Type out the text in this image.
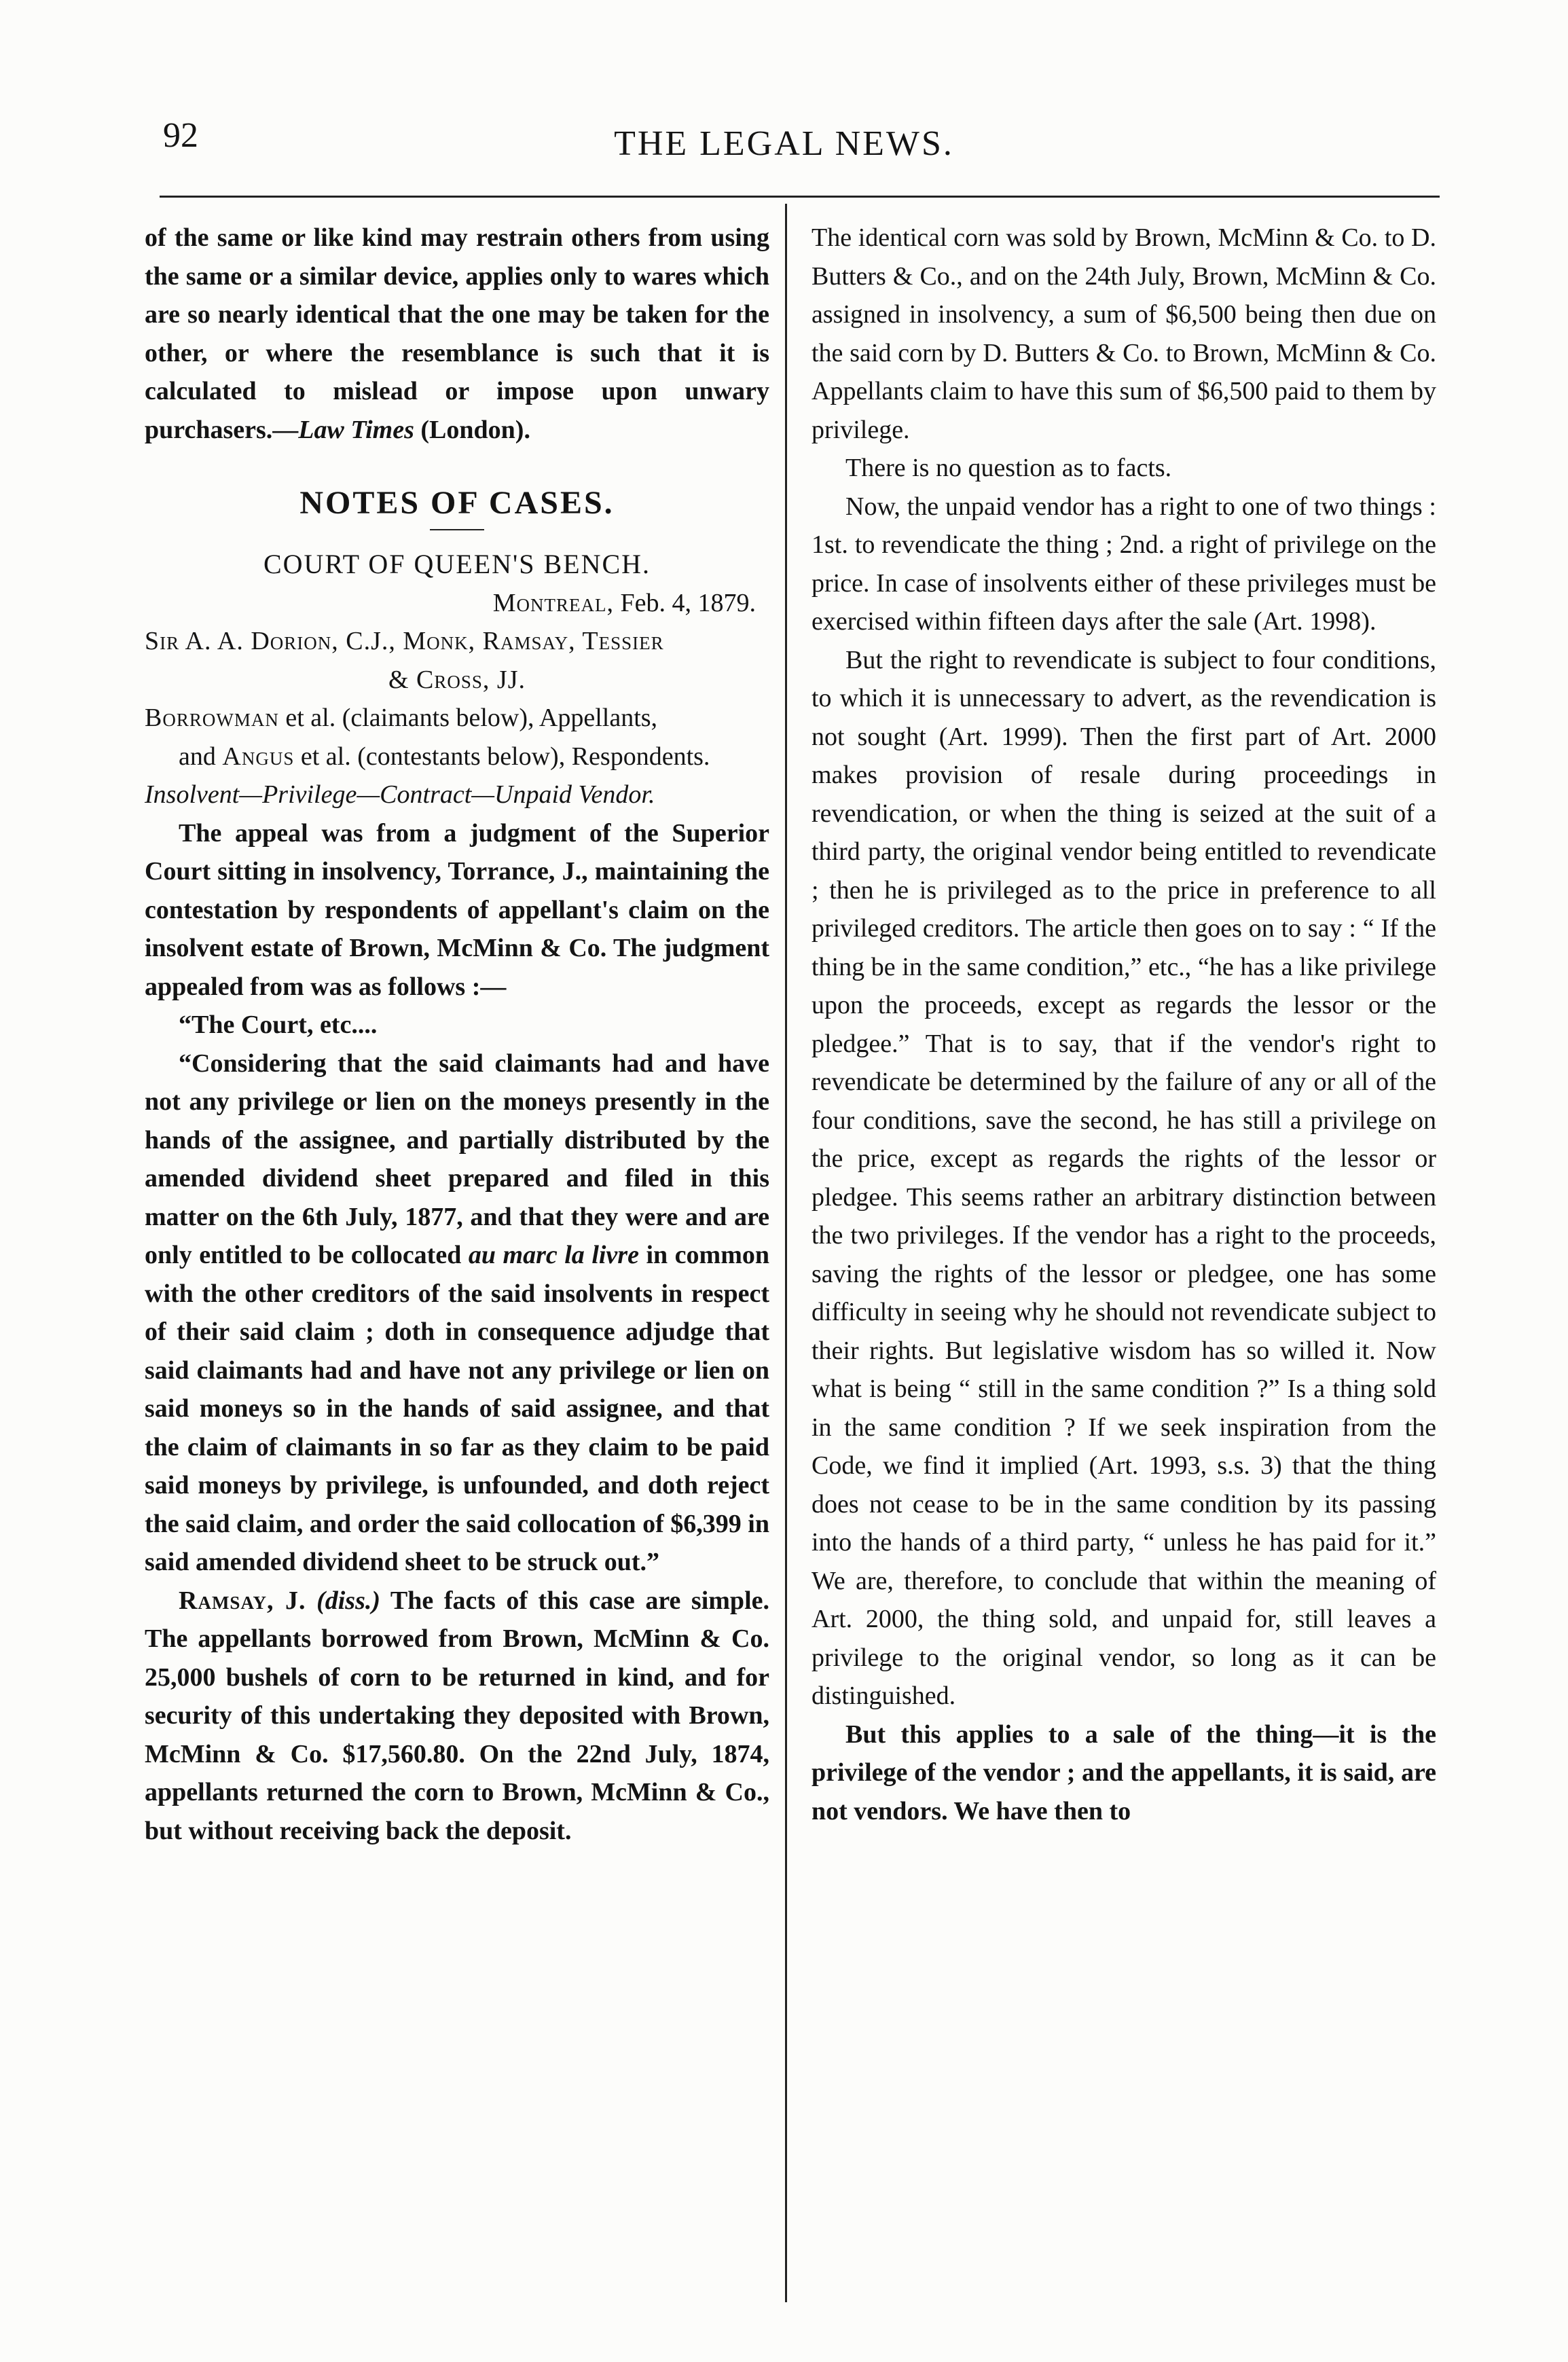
92	THE LEGAL NEWS.

of the same or like kind may restrain others from using the same or a similar device, applies only to wares which are so nearly identical that the one may be taken for the other, or where the resemblance is such that it is calculated to mislead or impose upon unwary purchasers.—Law Times (London).

NOTES OF CASES.

COURT OF QUEEN'S BENCH.

Montreal, Feb. 4, 1879.

Sir A. A. Dorion, C.J., Monk, Ramsay, Tessier

& Cross, JJ.

Borrowman et al. (claimants below), Appellants,

and Angus et al. (contestants below), Respondents.

Insolvent—Privilege—Contract—Unpaid Vendor.

The appeal was from a judgment of the Superior Court sitting in insolvency, Torrance, J., maintaining the contestation by respondents of appellant's claim on the insolvent estate of Brown, McMinn & Co. The judgment appealed from was as follows :—

“The Court, etc....

“Considering that the said claimants had and have not any privilege or lien on the moneys presently in the hands of the assignee, and partially distributed by the amended dividend sheet prepared and filed in this matter on the 6th July, 1877, and that they were and are only entitled to be collocated au marc la livre in common with the other creditors of the said insolvents in respect of their said claim ; doth in consequence adjudge that said claimants had and have not any privilege or lien on said moneys so in the hands of said assignee, and that the claim of claimants in so far as they claim to be paid said moneys by privilege, is unfounded, and doth reject the said claim, and order the said collocation of $6,399 in said amended dividend sheet to be struck out.”

Ramsay, J. (diss.) The facts of this case are simple. The appellants borrowed from Brown, McMinn & Co. 25,000 bushels of corn to be returned in kind, and for security of this undertaking they deposited with Brown, McMinn & Co. $17,560.80. On the 22nd July, 1874, appellants returned the corn to Brown, McMinn & Co., but without receiving back the deposit.

The identical corn was sold by Brown, McMinn & Co. to D. Butters & Co., and on the 24th July, Brown, McMinn & Co. assigned in insolvency, a sum of $6,500 being then due on the said corn by D. Butters & Co. to Brown, McMinn & Co. Appellants claim to have this sum of $6,500 paid to them by privilege.

There is no question as to facts.

Now, the unpaid vendor has a right to one of two things : 1st. to revendicate the thing ; 2nd. a right of privilege on the price. In case of insolvents either of these privileges must be exercised within fifteen days after the sale (Art. 1998).

But the right to revendicate is subject to four conditions, to which it is unnecessary to advert, as the revendication is not sought (Art. 1999). Then the first part of Art. 2000 makes provision of resale during proceedings in revendication, or when the thing is seized at the suit of a third party, the original vendor being entitled to revendicate ; then he is privileged as to the price in preference to all privileged creditors. The article then goes on to say : “ If the thing be in the same condition,” etc., “he has a like privilege upon the proceeds, except as regards the lessor or the pledgee.” That is to say, that if the vendor's right to revendicate be determined by the failure of any or all of the four conditions, save the second, he has still a privilege on the price, except as regards the rights of the lessor or pledgee. This seems rather an arbitrary distinction between the two privileges. If the vendor has a right to the proceeds, saving the rights of the lessor or pledgee, one has some difficulty in seeing why he should not revendicate subject to their rights. But legislative wisdom has so willed it. Now what is being “ still in the same condition ?” Is a thing sold in the same condition ? If we seek inspiration from the Code, we find it implied (Art. 1993, s.s. 3) that the thing does not cease to be in the same condition by its passing into the hands of a third party, “ unless he has paid for it.” We are, therefore, to conclude that within the meaning of Art. 2000, the thing sold, and unpaid for, still leaves a privilege to the original vendor, so long as it can be distinguished.

But this applies to a sale of the thing—it is the privilege of the vendor ; and the appellants, it is said, are not vendors. We have then to
